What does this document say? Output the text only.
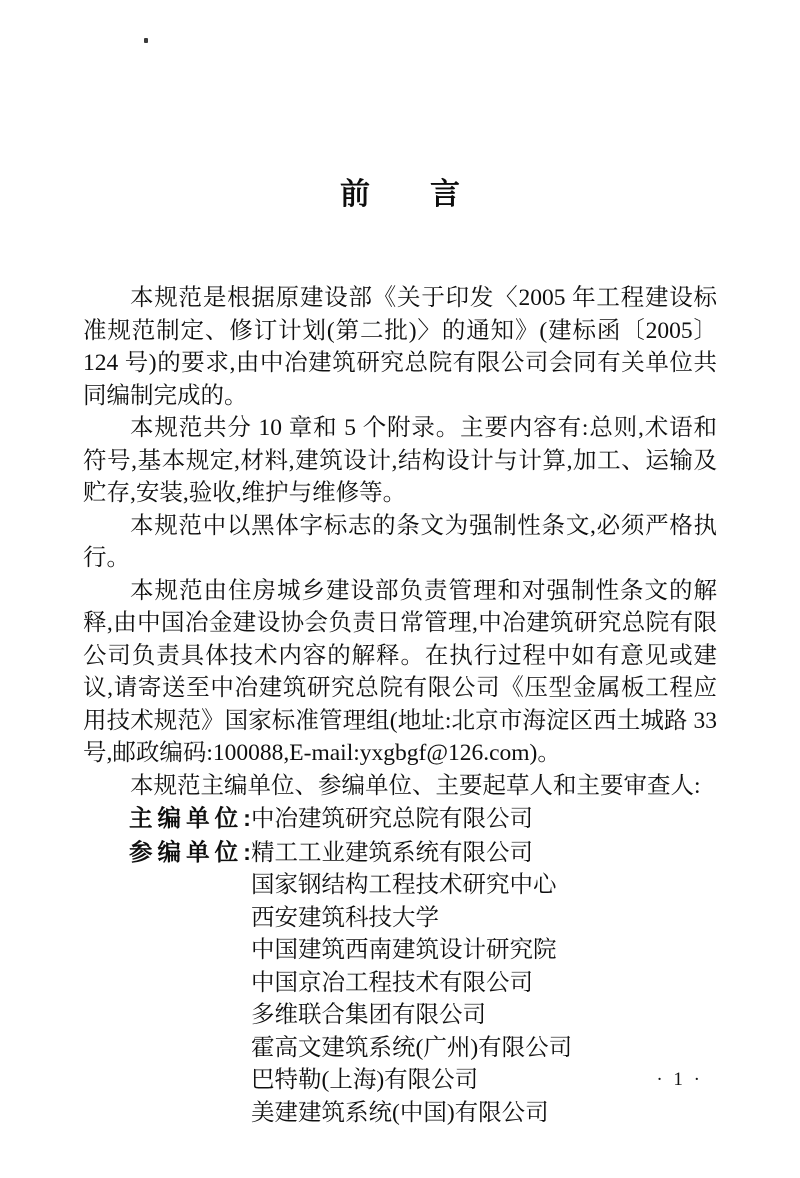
前　　言

本规范是根据原建设部《关于印发〈2005 年工程建设标准规范制定、修订计划(第二批)〉的通知》(建标函〔2005〕124 号)的要求,由中冶建筑研究总院有限公司会同有关单位共同编制完成的。

本规范共分 10 章和 5 个附录。主要内容有:总则,术语和符号,基本规定,材料,建筑设计,结构设计与计算,加工、运输及贮存,安装,验收,维护与维修等。

本规范中以黑体字标志的条文为强制性条文,必须严格执行。

本规范由住房城乡建设部负责管理和对强制性条文的解释,由中国冶金建设协会负责日常管理,中冶建筑研究总院有限公司负责具体技术内容的解释。在执行过程中如有意见或建议,请寄送至中冶建筑研究总院有限公司《压型金属板工程应用技术规范》国家标准管理组(地址:北京市海淀区西土城路 33 号,邮政编码:100088,E-mail:yxgbgf@126.com)。

本规范主编单位、参编单位、主要起草人和主要审查人:

主编单位: 中冶建筑研究总院有限公司
参编单位: 精工工业建筑系统有限公司
国家钢结构工程技术研究中心
西安建筑科技大学
中国建筑西南建筑设计研究院
中国京冶工程技术有限公司
多维联合集团有限公司
霍高文建筑系统(广州)有限公司
巴特勒(上海)有限公司
美建建筑系统(中国)有限公司
· 1 ·
